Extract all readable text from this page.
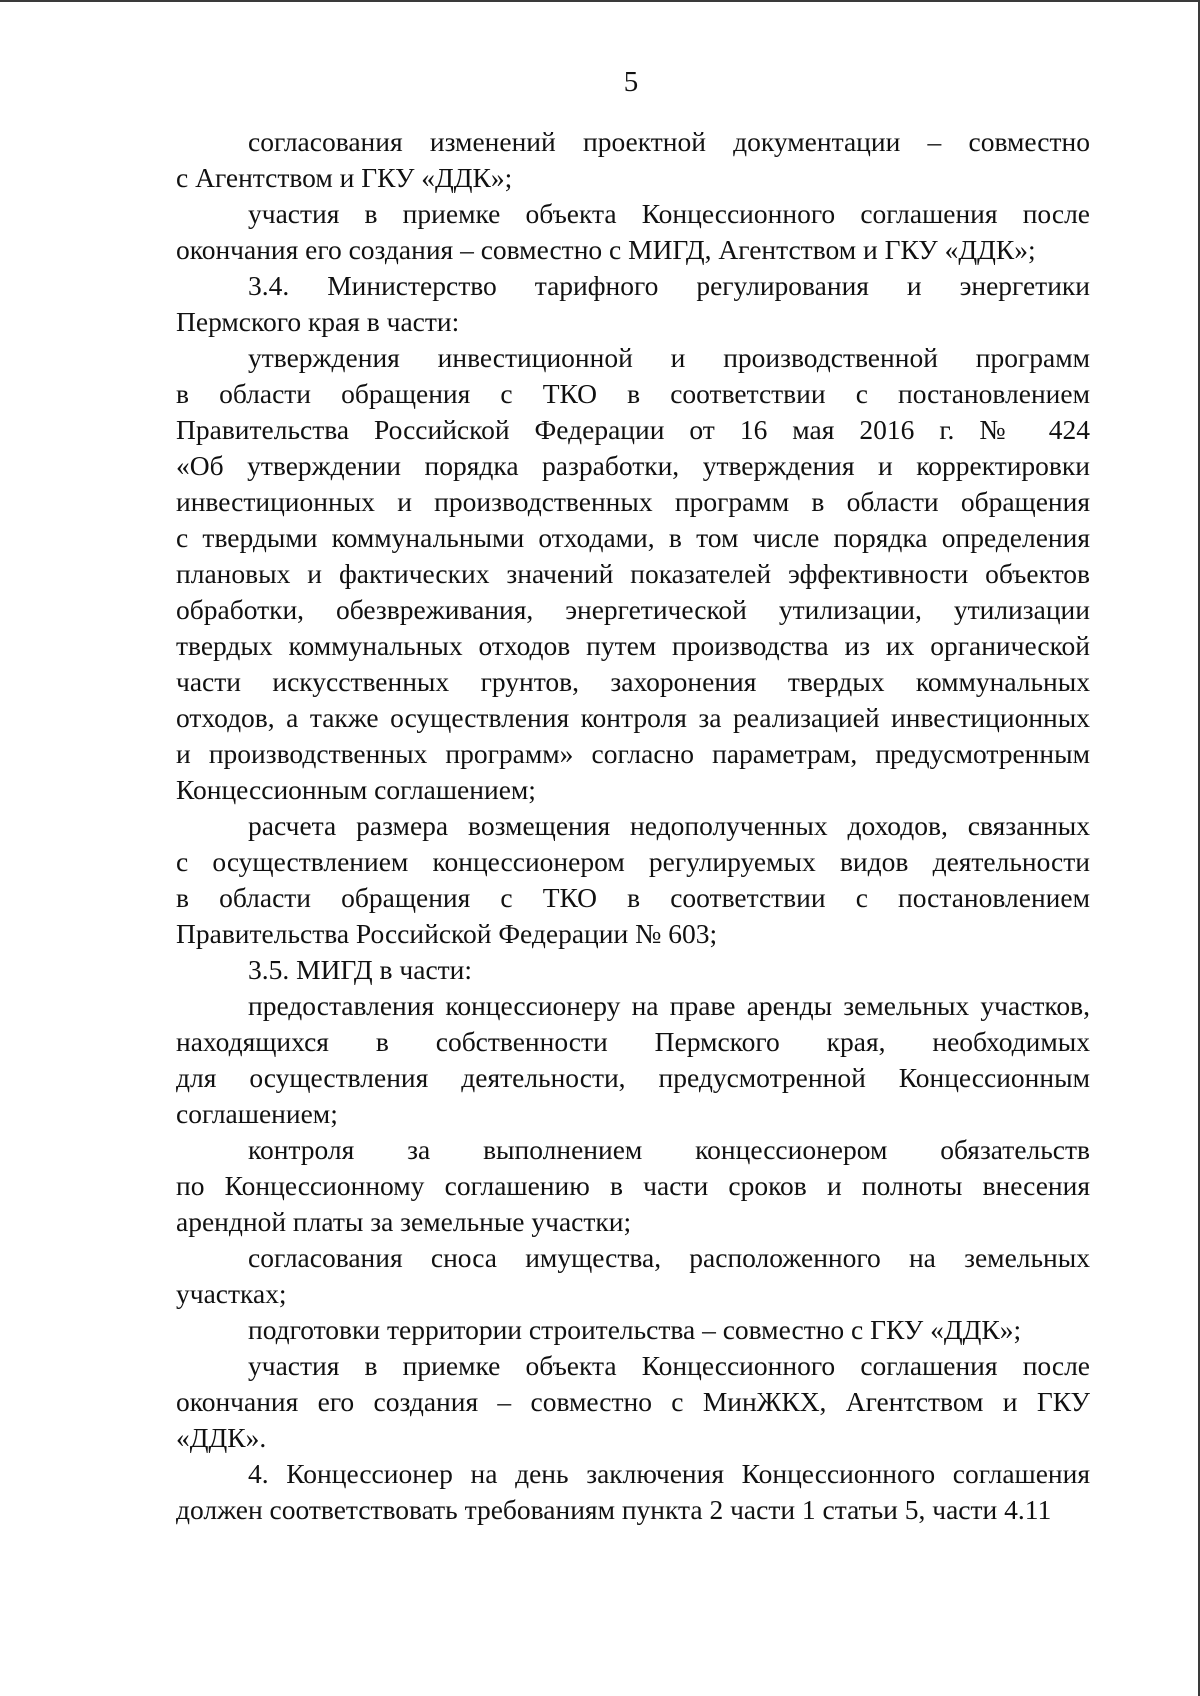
5
согласования изменений проектной документации – совместно
с Агентством и ГКУ «ДДК»;
участия в приемке объекта Концессионного соглашения после
окончания его создания – совместно с МИГД, Агентством и ГКУ «ДДК»;
3.4. Министерство тарифного регулирования и энергетики
Пермского края в части:
утверждения инвестиционной и производственной программ
в области обращения с ТКО в соответствии с постановлением
Правительства Российской Федерации от 16 мая 2016 г. № 424
«Об утверждении порядка разработки, утверждения и корректировки
инвестиционных и производственных программ в области обращения
с твердыми коммунальными отходами, в том числе порядка определения
плановых и фактических значений показателей эффективности объектов
обработки, обезвреживания, энергетической утилизации, утилизации
твердых коммунальных отходов путем производства из их органической
части искусственных грунтов, захоронения твердых коммунальных
отходов, а также осуществления контроля за реализацией инвестиционных
и производственных программ» согласно параметрам, предусмотренным
Концессионным соглашением;
расчета размера возмещения недополученных доходов, связанных
с осуществлением концессионером регулируемых видов деятельности
в области обращения с ТКО в соответствии с постановлением
Правительства Российской Федерации № 603;
3.5. МИГД в части:
предоставления концессионеру на праве аренды земельных участков,
находящихся в собственности Пермского края, необходимых
для осуществления деятельности, предусмотренной Концессионным
соглашением;
контроля за выполнением концессионером обязательств
по Концессионному соглашению в части сроков и полноты внесения
арендной платы за земельные участки;
согласования сноса имущества, расположенного на земельных
участках;
подготовки территории строительства – совместно с ГКУ «ДДК»;
участия в приемке объекта Концессионного соглашения после
окончания его создания – совместно с МинЖКХ, Агентством и ГКУ
«ДДК».
4. Концессионер на день заключения Концессионного соглашения
должен соответствовать требованиям пункта 2 части 1 статьи 5, части 4.11
